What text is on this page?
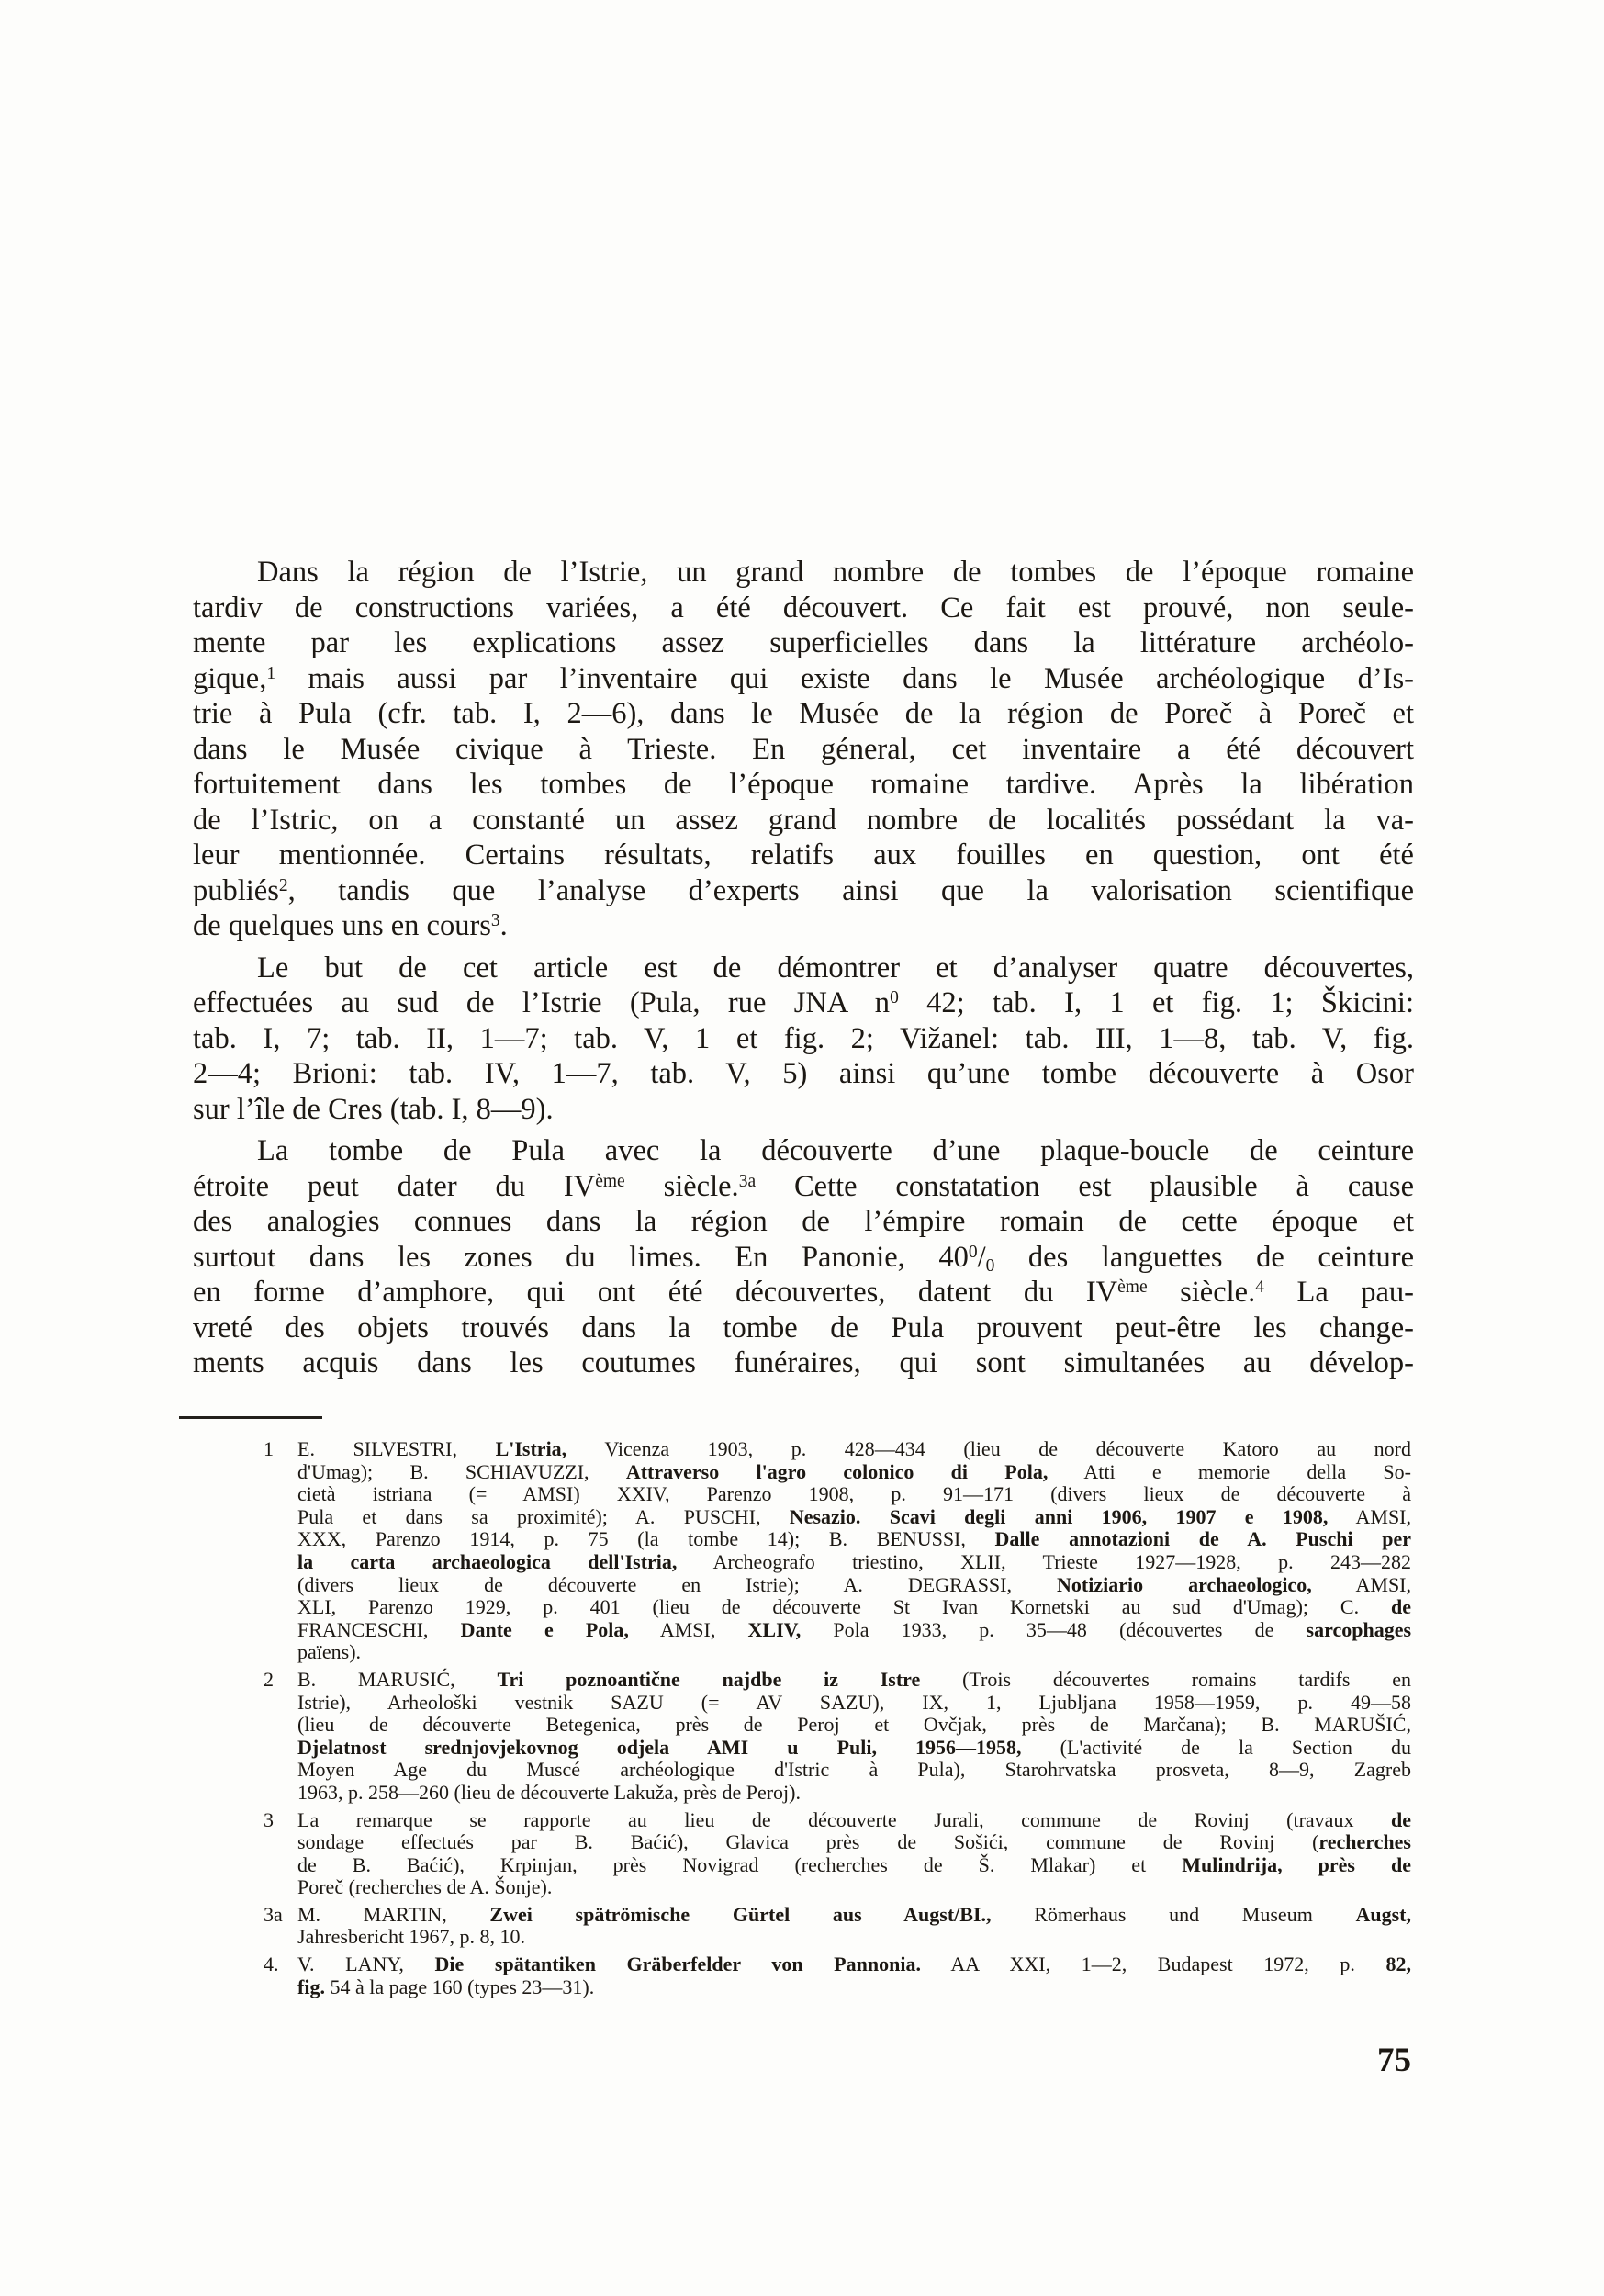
Dans la région de l’Istrie, un grand nombre de tombes de l’époque romaine
tardiv de constructions variées, a été découvert. Ce fait est prouvé, non seule-
mente par les explications assez superficielles dans la littérature archéolo-
gique,$^1$ mais aussi par l’inventaire qui existe dans le Musée archéologique d’Is-
trie à Pula (cfr. tab. I, 2—6), dans le Musée de la région de Poreč à Poreč et
dans le Musée civique à Trieste. En géneral, cet inventaire a été découvert
fortuitement dans les tombes de l’époque romaine tardive. Après la libération
de l’Istric, on a constanté un assez grand nombre de localités possédant la va-
leur mentionnée. Certains résultats, relatifs aux fouilles en question, ont été
publiés$^2$, tandis que l’analyse d’experts ainsi que la valorisation scientifique
de quelques uns en cours$^3$.
Le but de cet article est de démontrer et d’analyser quatre découvertes,
effectuées au sud de l’Istrie (Pula, rue JNA $n^0$ 42; tab. I, 1 et fig. 1; Škicini:
tab. I, 7; tab. II, 1—7; tab. V, 1 et fig. 2; Vižanel: tab. III, 1—8, tab. V, fig.
2—4; Brioni: tab. IV, 1—7, tab. V, 5) ainsi qu’une tombe découverte à Osor
sur l’île de Cres (tab. I, 8—9).
La tombe de Pula avec la découverte d’une plaque-boucle de ceinture
étroite peut dater du IVème siècle.$^{3a}$ Cette constatation est plausible à cause
des analogies connues dans la région de l’émpire romain de cette époque et
surtout dans les zones du limes. En Panonie, $40^0/_0$ des languettes de ceinture
en forme d’amphore, qui ont été découvertes, datent du IVème siècle.$^4$ La pau-
vreté des objets trouvés dans la tombe de Pula prouvent peut-être les change-
ments acquis dans les coutumes funéraires, qui sont simultanées au dévelop-
1	E. SILVESTRI, L'Istria, Vicenza 1903, p. 428—434 (lieu de découverte Katoro au nord
d'Umag); B. SCHIAVUZZI, Attraverso l'agro colonico di Pola, Atti e memorie della So-
cietà istriana (= AMSI) XXIV, Parenzo 1908, p. 91—171 (divers lieux de découverte à
Pula et dans sa proximité); A. PUSCHI, Nesazio. Scavi degli anni 1906, 1907 e 1908, AMSI,
XXX, Parenzo 1914, p. 75 (la tombe 14); B. BENUSSI, Dalle annotazioni de A. Puschi per
la carta archaeologica dell'Istria, Archeografo triestino, XLII, Trieste 1927—1928, p. 243—282
(divers lieux de découverte en Istrie); A. DEGRASSI, Notiziario archaeologico, AMSI,
XLI, Parenzo 1929, p. 401 (lieu de découverte St Ivan Kornetski au sud d'Umag); C. de
FRANCESCHI, Dante e Pola, AMSI, XLIV, Pola 1933, p. 35—48 (découvertes de sarcophages
païens).
2	B. MARUSIĆ, Tri poznoantične najdbe iz Istre (Trois découvertes romains tardifs en
Istrie), Arheološki vestnik SAZU (= AV SAZU), IX, 1, Ljubljana 1958—1959, p. 49—58
(lieu de découverte Betegenica, près de Peroj et Ovčjak, près de Marčana); B. MARUŠIĆ,
Djelatnost srednjovjekovnog odjela AMI u Puli, 1956—1958, (L'activité de la Section du
Moyen Age du Muscé archéologique d'Istric à Pula), Starohrvatska prosveta, 8—9, Zagreb
1963, p. 258—260 (lieu de découverte Lakuža, près de Peroj).
3	La remarque se rapporte au lieu de découverte Jurali, commune de Rovinj (travaux de
sondage effectués par B. Baćić), Glavica près de Sošići, commune de Rovinj (recherches
de B. Baćić), Krpinjan, près Novigrad (recherches de Š. Mlakar) et Mulindrija, près de
Poreč (recherches de A. Šonje).
3a M. MARTIN, Zwei spätrömische Gürtel aus Augst/BI., Römerhaus und Museum Augst,
Jahresbericht 1967, p. 8, 10.
4. V. LANY, Die spätantiken Gräberfelder von Pannonia. AA XXI, 1—2, Budapest 1972, p. 82,
fig. 54 à la page 160 (types 23—31).
75
